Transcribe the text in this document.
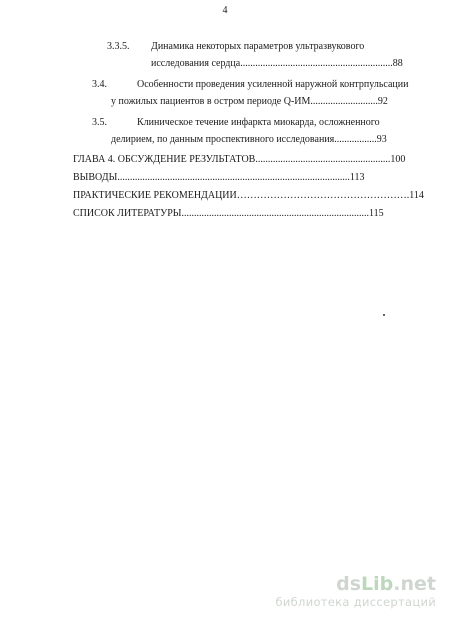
4
3.3.5. Динамика некоторых параметров ультразвукового
исследования сердца.............................................................88
3.4.	Особенности проведения усиленной наружной контрпульсации
у пожилых пациентов в остром периоде Q-ИМ...........................92
3.5.	Клиническое течение инфаркта миокарда, осложненного
делирием, по данным проспективного исследования.................93
ГЛАВА 4. ОБСУЖДЕНИЕ РЕЗУЛЬТАТОВ......................................................100
ВЫВОДЫ.............................................................................................113
ПРАКТИЧЕСКИЕ РЕКОМЕНДАЦИИ…………………………………………….114
СПИСОК ЛИТЕРАТУРЫ...........................................................................115
dsLib.net
библиотека диссертаций
